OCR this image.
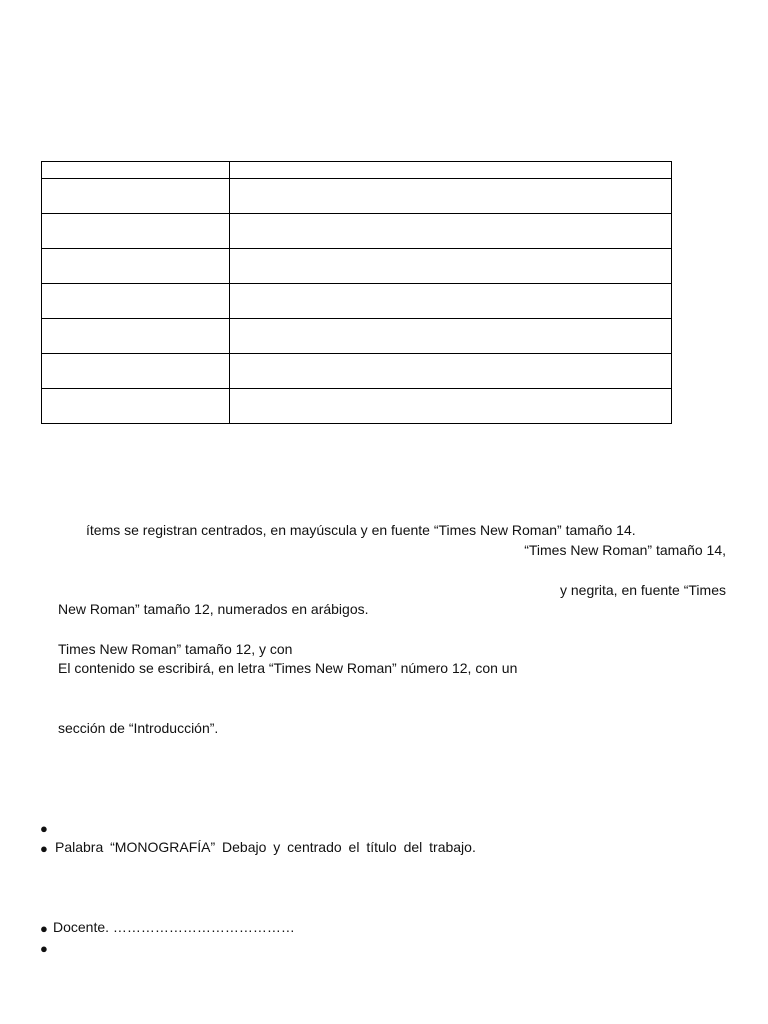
ítems se registran centrados, en mayúscula y en fuente “Times New Roman” tamaño 14.
“Times New Roman” tamaño 14,
y negrita, en fuente “Times
New Roman” tamaño 12, numerados en arábigos.
Times New Roman” tamaño 12, y con
El contenido se escribirá, en letra “Times New Roman” número 12, con un
sección de “Introducción”.
●
● Palabra “MONOGRAFÍA” Debajo y centrado el título del trabajo.
● Docente. …………………………………
●
